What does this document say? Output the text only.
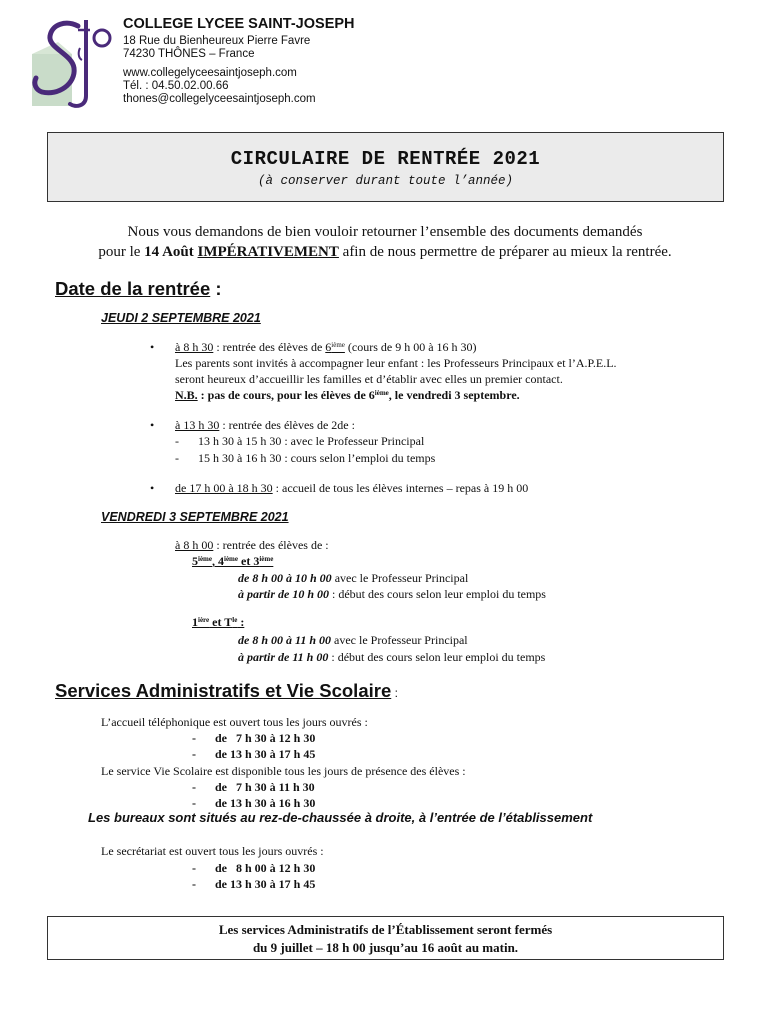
COLLEGE LYCEE SAINT-JOSEPH
18 Rue du Bienheureux Pierre Favre
74230 THÔNES – France
www.collegelyceesaintjoseph.com
Tél. : 04.50.02.00.66
thones@collegelyceesaintjoseph.com
CIRCULAIRE DE RENTRÉE 2021
(à conserver durant toute l’année)
Nous vous demandons de bien vouloir retourner l’ensemble des documents demandés
pour le 14 Août IMPÉRATIVEMENT afin de nous permettre de préparer au mieux la rentrée.
Date de la rentrée :
JEUDI 2 SEPTEMBRE 2021
• à 8 h 30 : rentrée des élèves de 6ième (cours de 9 h 00 à 16 h 30)
Les parents sont invités à accompagner leur enfant : les Professeurs Principaux et l’A.P.E.L.
seront heureux d’accueillir les familles et d’établir avec elles un premier contact.
N.B. : pas de cours, pour les élèves de 6ième, le vendredi 3 septembre.
• à 13 h 30 : rentrée des élèves de 2de :
- 13 h 30 à 15 h 30 : avec le Professeur Principal
- 15 h 30 à 16 h 30 : cours selon l’emploi du temps
• de 17 h 00 à 18 h 30 : accueil de tous les élèves internes – repas à 19 h 00
VENDREDI 3 SEPTEMBRE 2021
à 8 h 00 : rentrée des élèves de :
5ième, 4ième et 3ième
de 8 h 00 à 10 h 00 avec le Professeur Principal
à partir de 10 h 00 : début des cours selon leur emploi du temps
$1^{ière}$ et $T^{le}$ :
de 8 h 00 à 11 h 00 avec le Professeur Principal
à partir de 11 h 00 : début des cours selon leur emploi du temps
Services Administratifs et Vie Scolaire :
L’accueil téléphonique est ouvert tous les jours ouvrés :
- de   7 h 30 à 12 h 30
- de 13 h 30 à 17 h 45
Le service Vie Scolaire est disponible tous les jours de présence des élèves :
- de   7 h 30 à 11 h 30
- de 13 h 30 à 16 h 30
Les bureaux sont situés au rez-de-chaussée à droite, à l’entrée de l’établissement
Le secrétariat est ouvert tous les jours ouvrés :
- de   8 h 00 à 12 h 30
- de 13 h 30 à 17 h 45
Les services Administratifs de l’Établissement seront fermés
du 9 juillet – 18 h 00 jusqu’au 16 août au matin.
